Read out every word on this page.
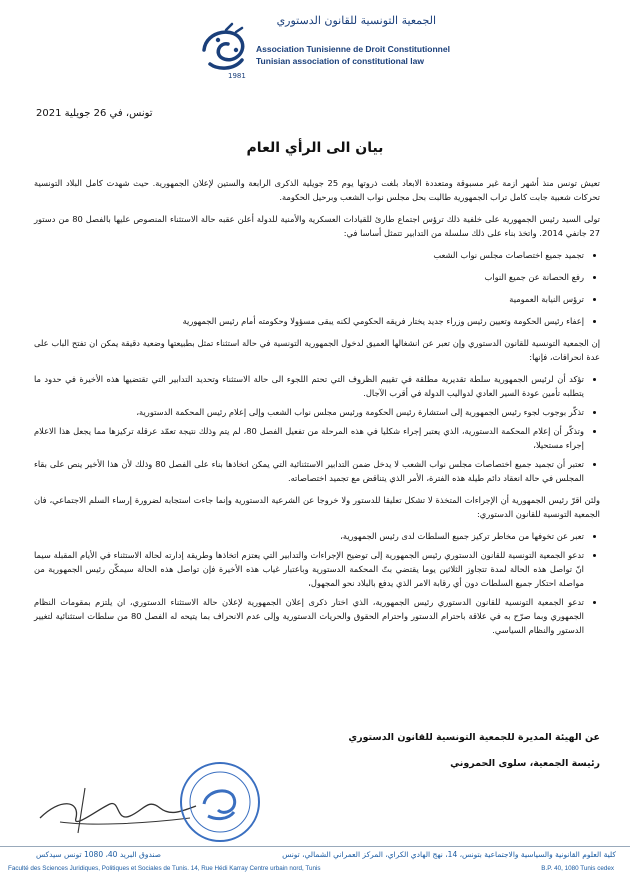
1981
الجمعية التونسية للقانون الدستوري
Association Tunisienne de Droit Constitutionnel
Tunisian association of constitutional law
تونس، في 26 جويلية 2021
بيان الى الرأي العام

تعيش تونس منذ أشهر ازمة غير مسبوقة ومتعددة الابعاد بلغت ذروتها يوم 25 جويلية الذكرى الرابعة والستين لإعلان الجمهورية. حيث شهدت كامل البلاد التونسية تحركات شعبية جابت كامل تراب الجمهورية طالبت بحل مجلس نواب الشعب وبرحيل الحكومة.

تولى السيد رئيس الجمهورية على خلفية ذلك ترؤس اجتماع طارئ للقيادات العسكرية والأمنية للدولة أعلن عقبه حالة الاستثناء المنصوص عليها بالفصل 80 من دستور 27 جانفي 2014. واتخذ بناء على ذلك سلسلة من التدابير تتمثل أساسا في:

• تجميد جميع اختصاصات مجلس نواب الشعب
• رفع الحصانة عن جميع النواب
• ترؤس النيابة العمومية
• إعفاء رئيس الحكومة وتعيين رئيس وزراء جديد يختار فريقه الحكومي لكنه يبقى مسؤولا وحكومته أمام رئيس الجمهورية

إن الجمعية التونسية للقانون الدستوري وإن تعبر عن انشغالها العميق لدخول الجمهورية التونسية في حالة استثناء تمثل بطبيعتها وضعية دقيقة يمكن ان تفتح الباب على عدة انحرافات، فإنها:

• تؤكد أن لرئيس الجمهورية سلطة تقديرية مطلقة في تقييم الظروف التي تحتم اللجوء الى حالة الاستثناء وتحديد التدابير التي تقتضيها هذه الأخيرة في حدود ما يتطلبه تأمين عودة السير العادي لدواليب الدولة في أقرب الآجال.
• تذكّر بوجوب لجوء رئيس الجمهورية إلى استشارة رئيس الحكومة ورئيس مجلس نواب الشعب وإلى إعلام رئيس المحكمة الدستورية،
• وتذكّر أن إعلام المحكمة الدستورية، الذي يعتبر إجراء شكليا في هذه المرحلة من تفعيل الفصل 80، لم يتم وذلك نتيجة تعمّد عرقلة تركيزها مما يجعل هذا الاعلام إجراء مستحيلا،
• تعتبر أن تجميد جميع اختصاصات مجلس نواب الشعب لا يدخل ضمن التدابير الاستثنائية التي يمكن اتخاذها بناء على الفصل 80 وذلك لأن هذا الأخير ينص على بقاء المجلس في حالة انعقاد دائم طيلة هذه الفترة، الأمر الذي يتناقض مع تجميد اختصاصاته.

ولئن اقرّ رئيس الجمهورية أن الإجراءات المتخذة لا تشكل تعليقا للدستور ولا خروجا عن الشرعية الدستورية وإنما جاءت استجابة لضرورة إرساء السلم الاجتماعي، فان الجمعية التونسية للقانون الدستوري:

• تعبر عن تخوفها من مخاطر تركيز جميع السلطات لدى رئيس الجمهورية،
• تدعو الجمعية التونسية للقانون الدستوري رئيس الجمهورية إلى توضيح الإجراءات والتدابير التي يعتزم اتخاذها وطريقة إدارته لحالة الاستثناء في الأيام المقبلة سيما انّ تواصل هذه الحالة لمدة تتجاوز الثلاثين يوما يقتضي بتّ المحكمة الدستورية وباعتبار غياب هذه الأخيرة فإن تواصل هذه الحالة سيمكّن رئيس الجمهورية من مواصلة احتكار جميع السلطات دون أي رقابة الامر الذي يدفع بالبلاد نحو المجهول،
• تدعو الجمعية التونسية للقانون الدستوري رئيس الجمهورية، الذي اختار ذكرى إعلان الجمهورية لإعلان حالة الاستثناء الدستوري، ان يلتزم بمقومات النظام الجمهوري وبما صرّح به في علاقة باحترام الدستور واحترام الحقوق والحريات الدستورية وإلى عدم الانحراف بما يتيحه له الفصل 80 من سلطات استثنائية لتغيير الدستور والنظام السياسي.
عن الهيئة المديرة للجمعية التونسية للقانون الدستوري
رئيسة الجمعية، سلوى الحمروني
كلية العلوم القانونية والسياسية والاجتماعية بتونس، 14، نهج الهادي الكراي، المركز العمراني الشمالي، تونس
صندوق البريد 40، 1080 تونس سيدكس
Faculté des Sciences Juridiques, Politiques et Sociales de Tunis. 14, Rue Hédi Karray Centre urbain nord, Tunis	B.P. 40, 1080 Tunis cedex
